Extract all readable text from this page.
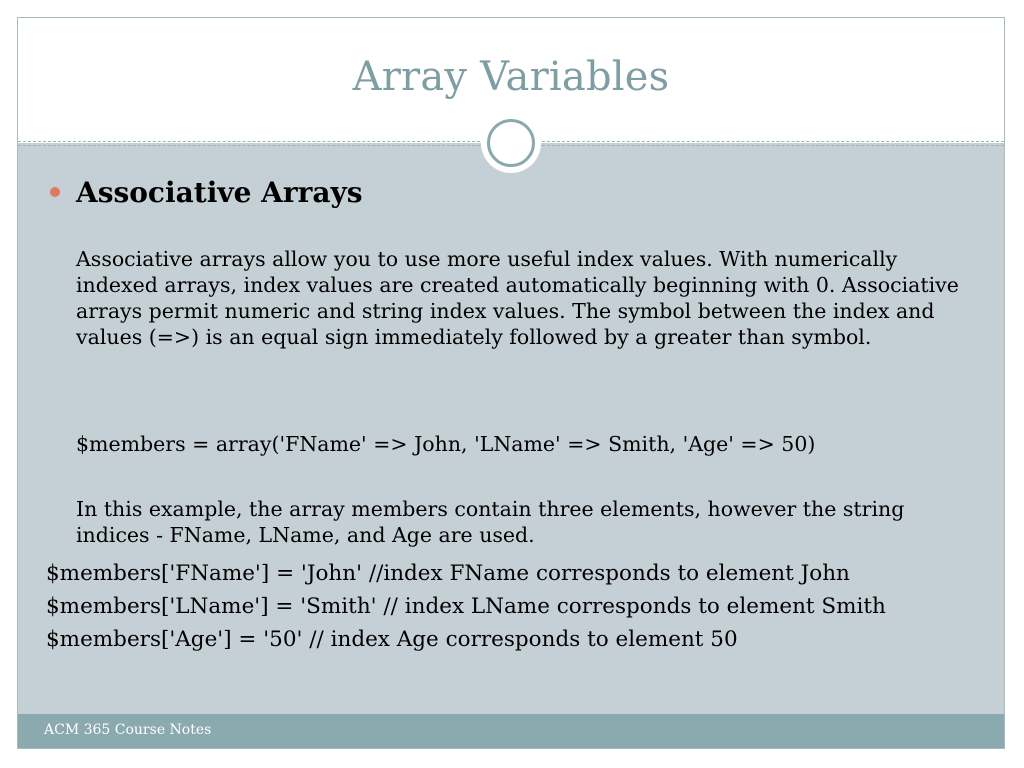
Array Variables
Associative Arrays
Associative arrays allow you to use more useful index values. With numerically indexed arrays, index values are created automatically beginning with 0. Associative arrays permit numeric and string index values. The symbol between the index and values (=>) is an equal sign immediately followed by a greater than symbol.
$members = array('FName' => John, 'LName' => Smith, 'Age' => 50)
In this example, the array members contain three elements, however the string indices - FName, LName, and Age are used.
$members['FName'] = 'John' //index FName corresponds to element John
$members['LName'] = 'Smith' // index LName corresponds to element Smith
$members['Age'] = '50' // index Age corresponds to element 50
ACM 365 Course Notes
